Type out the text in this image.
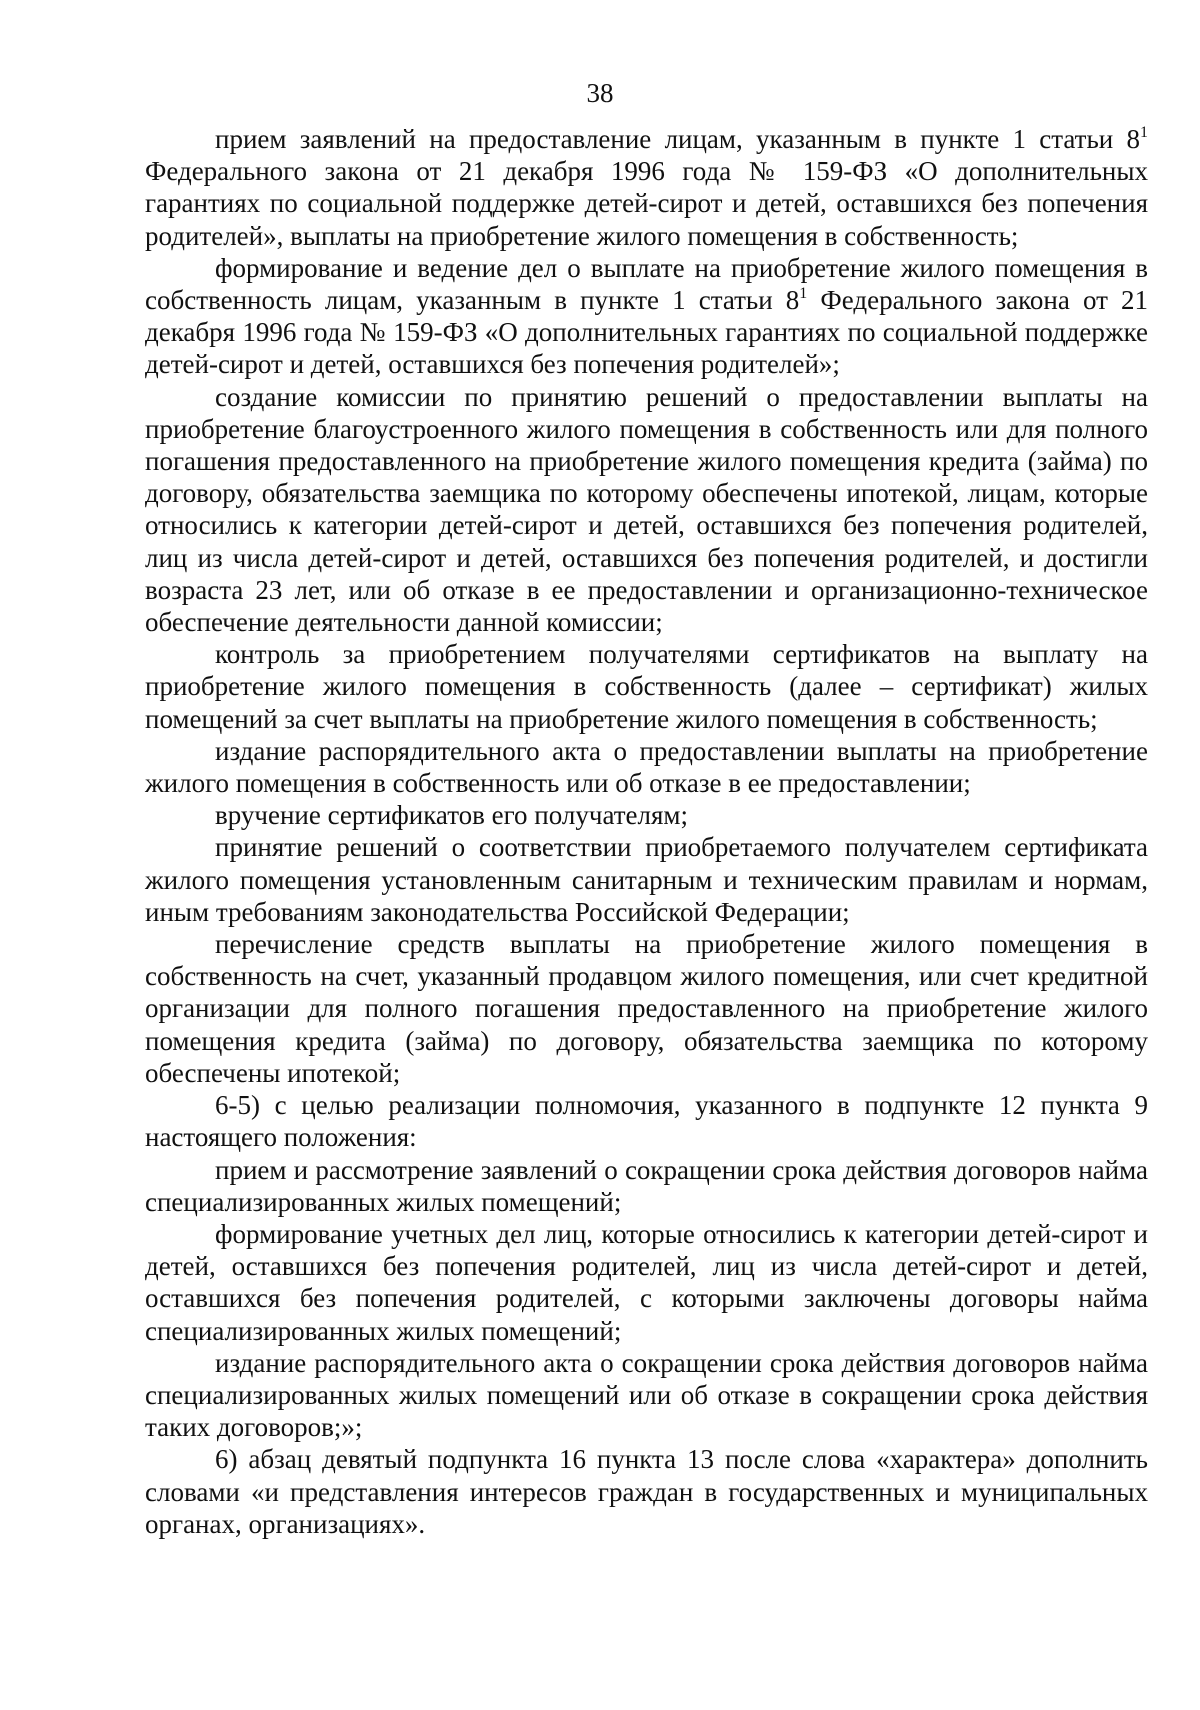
38

прием заявлений на предоставление лицам, указанным в пункте 1 статьи $8^1$ Федерального закона от 21 декабря 1996 года № 159-ФЗ «О дополнительных гарантиях по социальной поддержке детей-сирот и детей, оставшихся без попечения родителей», выплаты на приобретение жилого помещения в собственность;

формирование и ведение дел о выплате на приобретение жилого помещения в собственность лицам, указанным в пункте 1 статьи $8^1$ Федерального закона от 21 декабря 1996 года № 159-ФЗ «О дополнительных гарантиях по социальной поддержке детей-сирот и детей, оставшихся без попечения родителей»;

создание комиссии по принятию решений о предоставлении выплаты на приобретение благоустроенного жилого помещения в собственность или для полного погашения предоставленного на приобретение жилого помещения кредита (займа) по договору, обязательства заемщика по которому обеспечены ипотекой, лицам, которые относились к категории детей-сирот и детей, оставшихся без попечения родителей, лиц из числа детей-сирот и детей, оставшихся без попечения родителей, и достигли возраста 23 лет, или об отказе в ее предоставлении и организационно-техническое обеспечение деятельности данной комиссии;

контроль за приобретением получателями сертификатов на выплату на приобретение жилого помещения в собственность (далее – сертификат) жилых помещений за счет выплаты на приобретение жилого помещения в собственность;

издание распорядительного акта о предоставлении выплаты на приобретение жилого помещения в собственность или об отказе в ее предоставлении;

вручение сертификатов его получателям;

принятие решений о соответствии приобретаемого получателем сертификата жилого помещения установленным санитарным и техническим правилам и нормам, иным требованиям законодательства Российской Федерации;

перечисление средств выплаты на приобретение жилого помещения в собственность на счет, указанный продавцом жилого помещения, или счет кредитной организации для полного погашения предоставленного на приобретение жилого помещения кредита (займа) по договору, обязательства заемщика по которому обеспечены ипотекой;

6-5) с целью реализации полномочия, указанного в подпункте 12 пункта 9 настоящего положения:

прием и рассмотрение заявлений о сокращении срока действия договоров найма специализированных жилых помещений;

формирование учетных дел лиц, которые относились к категории детей-сирот и детей, оставшихся без попечения родителей, лиц из числа детей-сирот и детей, оставшихся без попечения родителей, с которыми заключены договоры найма специализированных жилых помещений;

издание распорядительного акта о сокращении срока действия договоров найма специализированных жилых помещений или об отказе в сокращении срока действия таких договоров;»;

6) абзац девятый подпункта 16 пункта 13 после слова «характера» дополнить словами «и представления интересов граждан в государственных и муниципальных органах, организациях».
